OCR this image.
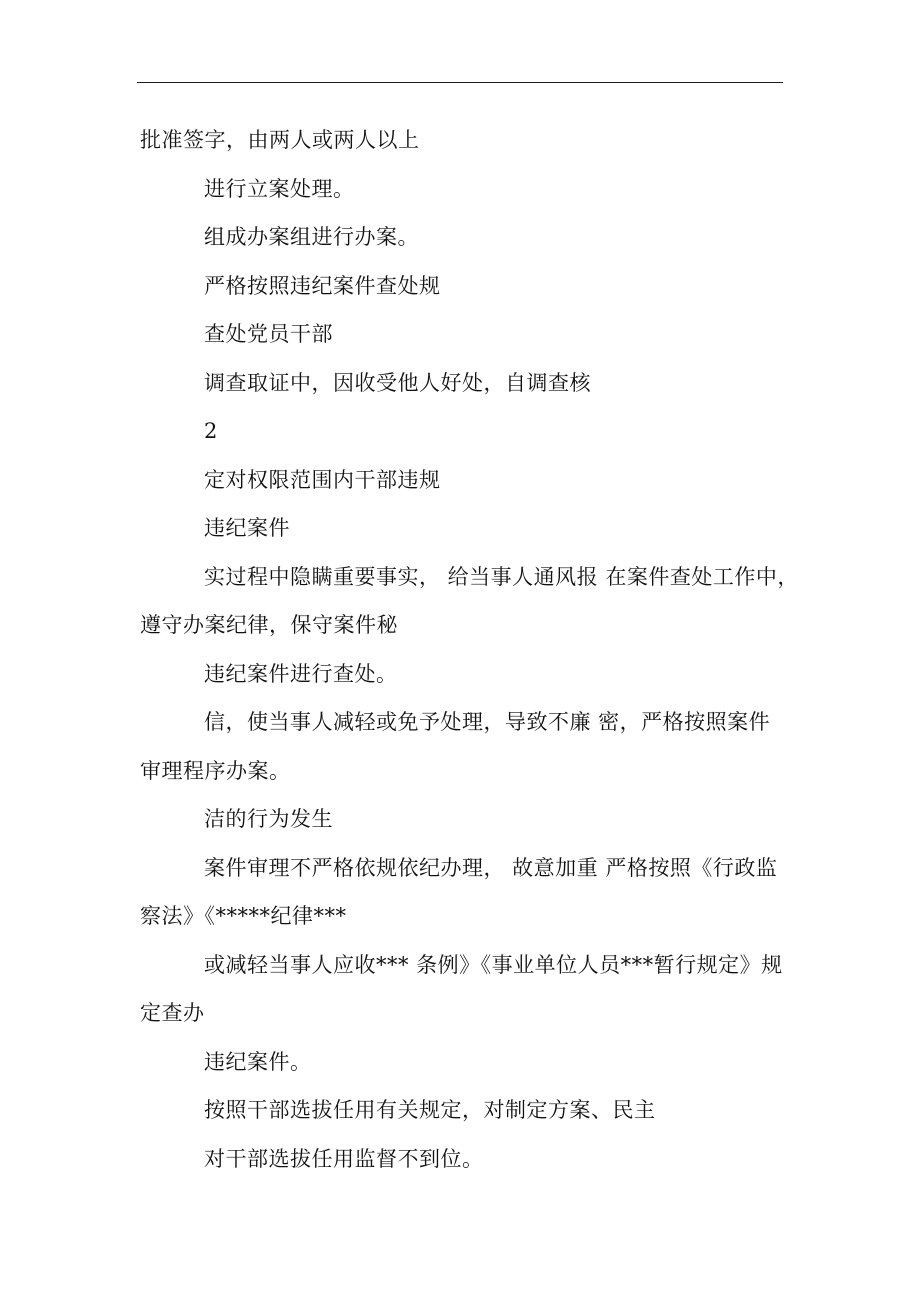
批准签字，由两人或两人以上
进行立案处理。
组成办案组进行办案。
严格按照违纪案件查处规
查处党员干部
调查取证中，因收受他人好处，自调查核
2
定对权限范围内干部违规
违纪案件
实过程中隐瞒重要事实， 给当事人通风报 在案件查处工作中，
遵守办案纪律，保守案件秘
违纪案件进行查处。
信，使当事人减轻或免予处理，导致不廉 密，严格按照案件
审理程序办案。
洁的行为发生
案件审理不严格依规依纪办理， 故意加重 严格按照《行政监
察法》《*****纪律***
或减轻当事人应收*** 条例》《事业单位人员***暂行规定》规
定查办
违纪案件。
按照干部选拔任用有关规定，对制定方案、民主
对干部选拔任用监督不到位。
